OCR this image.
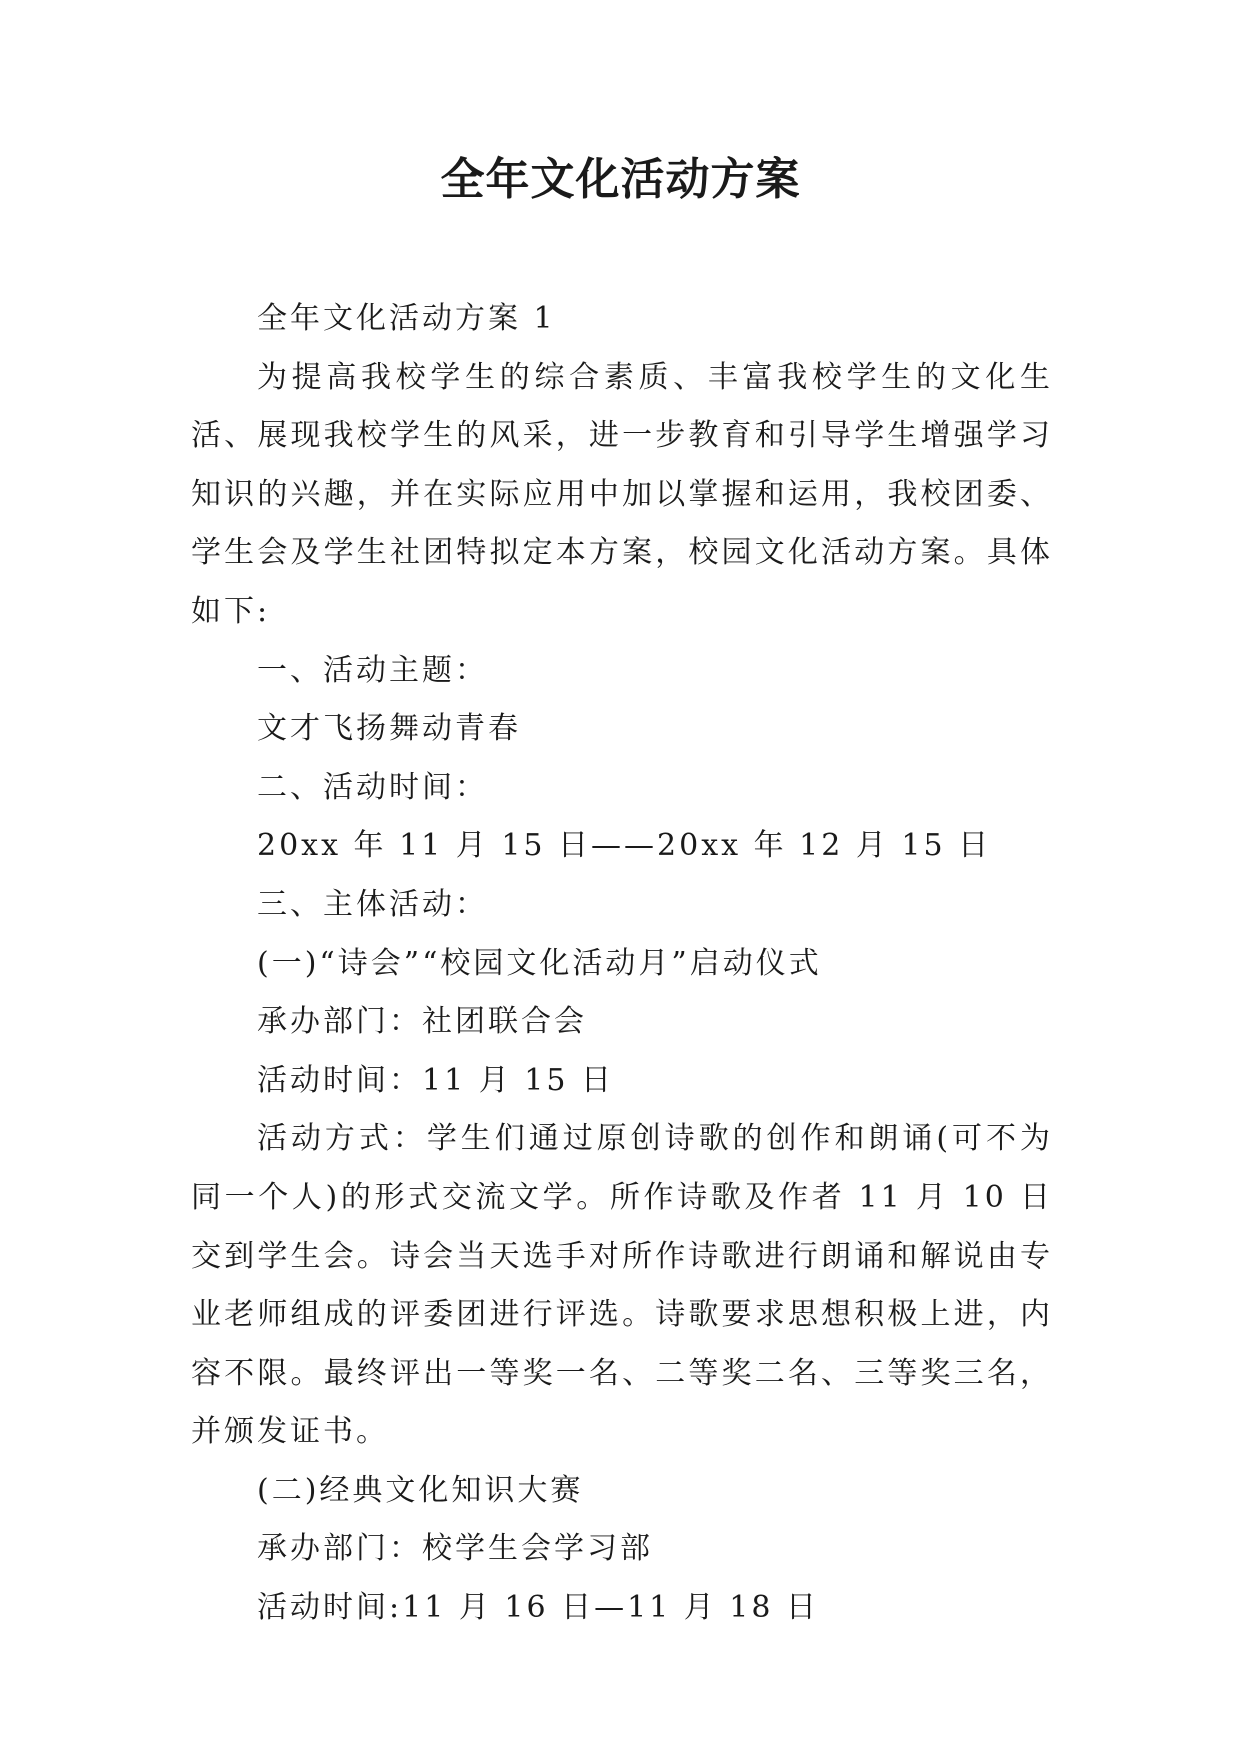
全年文化活动方案

全年文化活动方案 1

为提高我校学生的综合素质、丰富我校学生的文化生活、展现我校学生的风采，进一步教育和引导学生增强学习知识的兴趣，并在实际应用中加以掌握和运用，我校团委、学生会及学生社团特拟定本方案，校园文化活动方案。具体如下:

一、活动主题：

文才飞扬舞动青春

二、活动时间：

20xx 年 11 月 15 日——20xx 年 12 月 15 日

三、主体活动：

(一)“诗会”“校园文化活动月”启动仪式

承办部门：社团联合会

活动时间：11 月 15 日

活动方式：学生们通过原创诗歌的创作和朗诵(可不为同一个人)的形式交流文学。所作诗歌及作者 11 月 10 日交到学生会。诗会当天选手对所作诗歌进行朗诵和解说由专业老师组成的评委团进行评选。诗歌要求思想积极上进，内容不限。最终评出一等奖一名、二等奖二名、三等奖三名，并颁发证书。

(二)经典文化知识大赛

承办部门：校学生会学习部

活动时间:11 月 16 日—11 月 18 日
